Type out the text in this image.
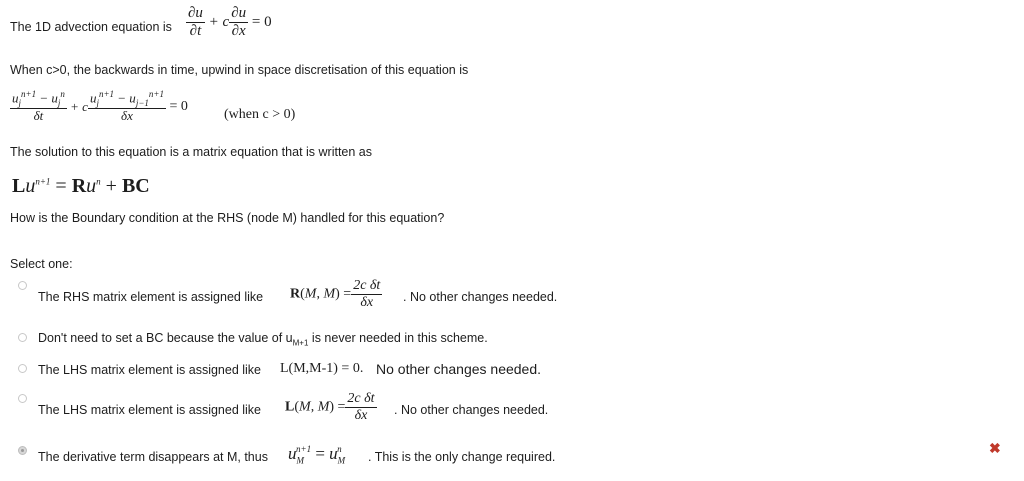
The 1D advection equation is $\frac{\partial u}{\partial t} + c \frac{\partial u}{\partial x} = 0$
When c>0, the backwards in time, upwind in space discretisation of this equation is
$\frac{u_j^{n+1} - u_j^n}{\delta t} + c \frac{u_j^{n+1} - u_{j-1}^{n+1}}{\delta x} = 0$
(when c > 0)
The solution to this equation is a matrix equation that is written as
$Lu^{n+1} = Ru^n$ + BC
How is the Boundary condition at the RHS (node M) handled for this equation?
Select one:
The RHS matrix element is assigned like R(M, $M) = \frac{\text{2c δt}}{\delta x}$ . No other changes needed.
Don't need to set a BC because the value of $u_{M+1}$ is never needed in this scheme.
The LHS matrix element is assigned like L(M,M-1) = 0. No other changes needed.
The LHS matrix element is assigned like L(M, $M) = \frac{\text{2c δt}}{\delta x}$ . No other changes needed.
The derivative term disappears at M, thus $u_M^{n+1} = u_M^n$
. This is the only change required.
✖
